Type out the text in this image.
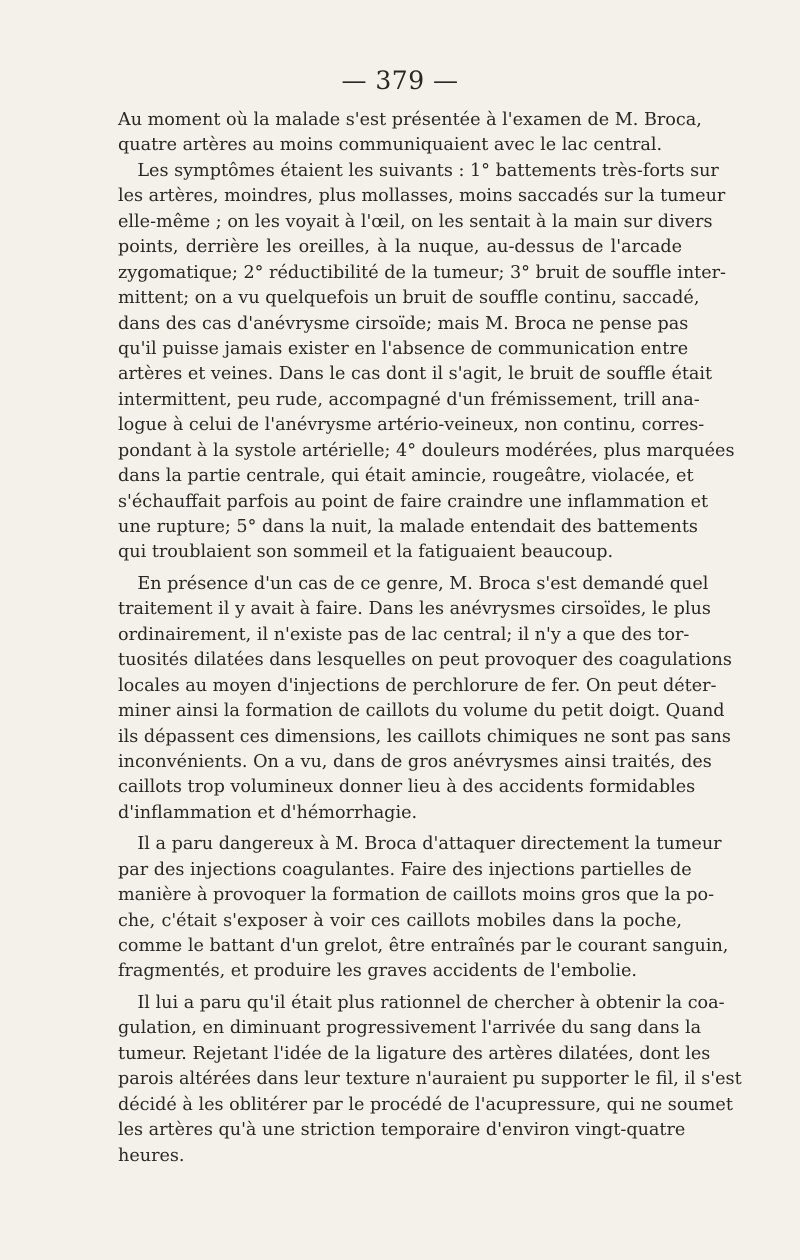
— 379 —
Au moment où la malade s'est présentée à l'examen de M. Broca,
quatre artères au moins communiquaient avec le lac central.
Les symptômes étaient les suivants : 1° battements très-forts sur
les artères, moindres, plus mollasses, moins saccadés sur la tumeur
elle-même ; on les voyait à l'œil, on les sentait à la main sur divers
points, derrière les oreilles, à la nuque, au-dessus de l'arcade
zygomatique; 2° réductibilité de la tumeur; 3° bruit de souffle inter-
mittent; on a vu quelquefois un bruit de souffle continu, saccadé,
dans des cas d'anévrysme cirsoïde; mais M. Broca ne pense pas
qu'il puisse jamais exister en l'absence de communication entre
artères et veines. Dans le cas dont il s'agit, le bruit de souffle était
intermittent, peu rude, accompagné d'un frémissement, trill ana-
logue à celui de l'anévrysme artério-veineux, non continu, corres-
pondant à la systole artérielle; 4° douleurs modérées, plus marquées
dans la partie centrale, qui était amincie, rougeâtre, violacée, et
s'échauffait parfois au point de faire craindre une inflammation et
une rupture; 5° dans la nuit, la malade entendait des battements
qui troublaient son sommeil et la fatiguaient beaucoup.
En présence d'un cas de ce genre, M. Broca s'est demandé quel
traitement il y avait à faire. Dans les anévrysmes cirsoïdes, le plus
ordinairement, il n'existe pas de lac central; il n'y a que des tor-
tuosités dilatées dans lesquelles on peut provoquer des coagulations
locales au moyen d'injections de perchlorure de fer. On peut déter-
miner ainsi la formation de caillots du volume du petit doigt. Quand
ils dépassent ces dimensions, les caillots chimiques ne sont pas sans
inconvénients. On a vu, dans de gros anévrysmes ainsi traités, des
caillots trop volumineux donner lieu à des accidents formidables
d'inflammation et d'hémorrhagie.
Il a paru dangereux à M. Broca d'attaquer directement la tumeur
par des injections coagulantes. Faire des injections partielles de
manière à provoquer la formation de caillots moins gros que la po-
che, c'était s'exposer à voir ces caillots mobiles dans la poche,
comme le battant d'un grelot, être entraînés par le courant sanguin,
fragmentés, et produire les graves accidents de l'embolie.
Il lui a paru qu'il était plus rationnel de chercher à obtenir la coa-
gulation, en diminuant progressivement l'arrivée du sang dans la
tumeur. Rejetant l'idée de la ligature des artères dilatées, dont les
parois altérées dans leur texture n'auraient pu supporter le fil, il s'est
décidé à les oblitérer par le procédé de l'acupressure, qui ne soumet
les artères qu'à une striction temporaire d'environ vingt-quatre
heures.
